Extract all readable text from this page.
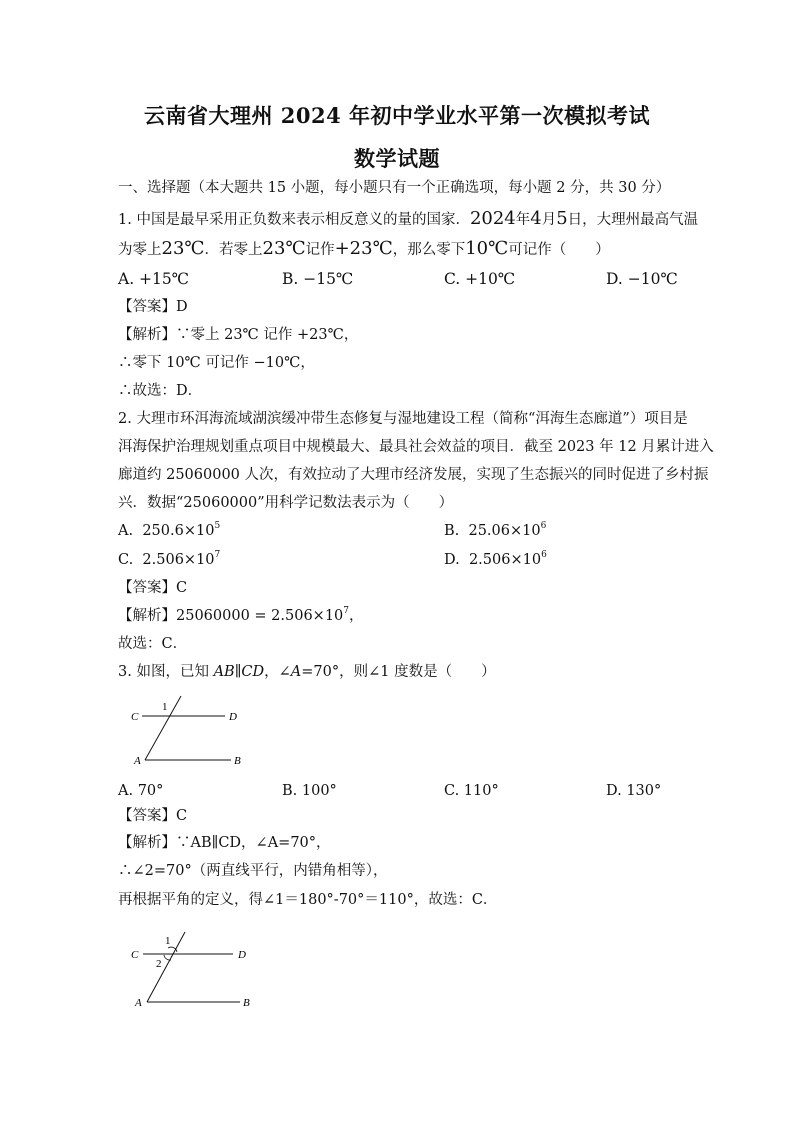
云南省大理州 2024 年初中学业水平第一次模拟考试
数学试题
一、选择题（本大题共 15 小题，每小题只有一个正确选项，每小题 2 分，共 30 分）
1. 中国是最早采用正负数来表示相反意义的量的国家．2024年4月5日，大理州最高气温
为零上23℃．若零上23℃记作+23℃，那么零下10℃可记作（　　）
A. +15℃	B. −15℃	C. +10℃	D. −10℃
【答案】D
【解析】∵零上 23℃ 记作 +23℃，
∴零下 10℃ 可记作 −10℃，
∴故选：D．
2. 大理市环洱海流域湖滨缓冲带生态修复与湿地建设工程（简称“洱海生态廊道”）项目是
洱海保护治理规划重点项目中规模最大、最具社会效益的项目．截至 2023 年 12 月累计进入
廊道约 25060000 人次，有效拉动了大理市经济发展，实现了生态振兴的同时促进了乡村振
兴．数据“25060000”用科学记数法表示为（　　）
A. $250.6\times 10^5$	B. $25.06\times 10^6$
C. $2.506\times 10^7$	D. $2.506\times 10^6$
【答案】C
【解析】$25060000 = 2.506\times 10^7$，
故选：C．
3. 如图，已知 AB∥CD，∠A=70°，则∠1 度数是（　　）
C	D
A	B
1
A. 70°	B. 100°	C. 110°	D. 130°
【答案】C
【解析】∵AB∥CD，∠A=70°，
∴∠2=70°（两直线平行，内错角相等），
再根据平角的定义，得∠1＝180°-70°＝110°，故选：C．
C	D
A	B
1
2
